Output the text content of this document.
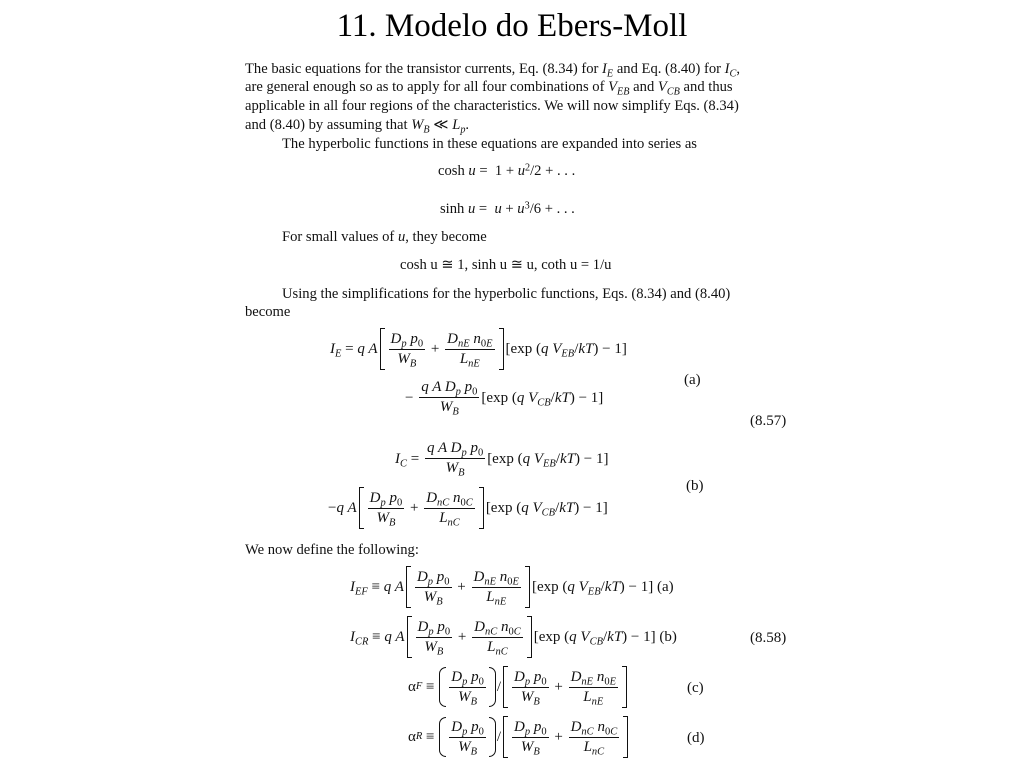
11. Modelo do Ebers-Moll
The basic equations for the transistor currents, Eq. (8.34) for $I_E$ and Eq. (8.40) for $I_C$,
are general enough so as to apply for all four combinations of $V_{EB}$ and $V_{CB}$ and thus
applicable in all four regions of the characteristics. We will now simplify Eqs. (8.34)
and (8.40) by assuming that $W_B$ ≪ $L_p$.
The hyperbolic functions in these equations are expanded into series as
$\cosh u = 1 + u^2/2$ + . . .
$\sinh u = u + u^3/6$ + . . .
For small values of u, they become
cosh u ≅ 1, sinh u ≅ u, coth u = 1/u
Using the simplifications for the hyperbolic functions, Eqs. (8.34) and (8.40)
become
$I_E = q$ A $\frac{D_p p_0}{W_B} + \frac{D_{nE} n_{0E}}{L_{nE}} [\exp$ ( q $V_{EB}$ / kT ) − 1]
(a)
− $\frac{q A D_p p_0}{W_B} [\exp$ ( q $V_{CB}$ / kT ) − 1]
(8.57)
$I_C = \frac{q A D_p p_0}{W_B} [\exp$ ( q $V_{EB}$ / kT ) − 1]
(b)
− q A $\frac{D_p p_0}{W_B} + \frac{D_{nC} n_{0C}}{L_{nC}} [\exp$ ( q $V_{CB}$ / kT ) − 1]
We now define the following:
$I_{EF} \equiv q$ A $\frac{D_p p_0}{W_B} + \frac{D_{nE} n_{0E}}{L_{nE}} [\exp$ ( q $V_{EB}$ / kT ) − 1] (a)
$I_{CR} \equiv q$ A $\frac{D_p p_0}{W_B} + \frac{D_{nC} n_{0C}}{L_{nC}} [\exp$ ( q $V_{CB}$ / kT ) − 1] (b)	(8.58)
α $F \equiv \frac{D_p p_0}{W_B} / \frac{D_p p_0}{W_B} + \frac{D_{nE} n_{0E}}{L_{nE}}$	(c)
α $R \equiv \frac{D_p p_0}{W_B} / \frac{D_p p_0}{W_B} + \frac{D_{nC} n_{0C}}{L_{nC}}$	(d)
